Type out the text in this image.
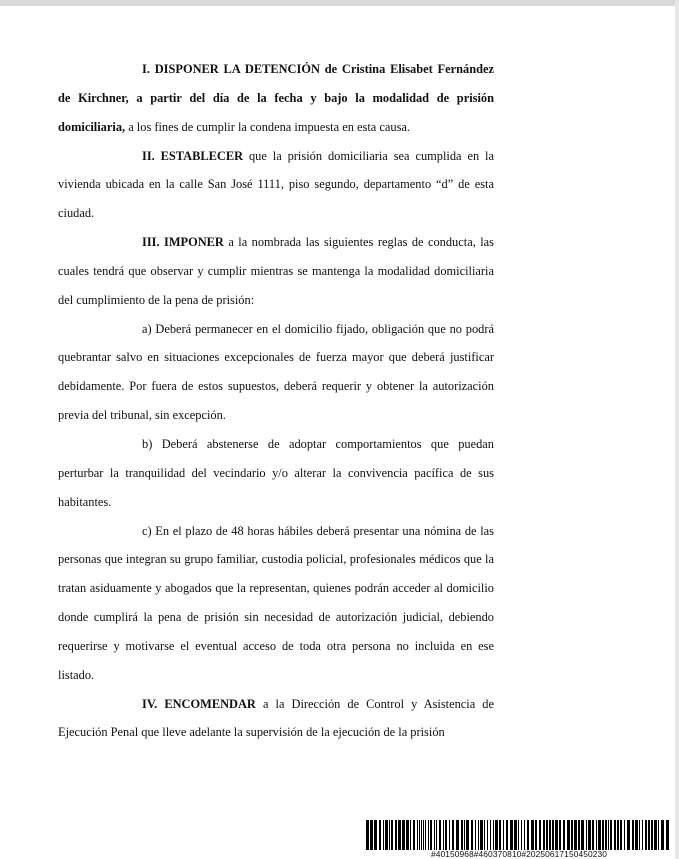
I. DISPONER LA DETENCIÓN de Cristina Elisabet Fernández de Kirchner, a partir del día de la fecha y bajo la modalidad de prisión domiciliaria, a los fines de cumplir la condena impuesta en esta causa.

II. ESTABLECER que la prisión domiciliaria sea cumplida en la vivienda ubicada en la calle San José 1111, piso segundo, departamento “d” de esta ciudad.

III. IMPONER a la nombrada las siguientes reglas de conducta, las cuales tendrá que observar y cumplir mientras se mantenga la modalidad domiciliaria del cumplimiento de la pena de prisión:

a) Deberá permanecer en el domicilio fijado, obligación que no podrá quebrantar salvo en situaciones excepcionales de fuerza mayor que deberá justificar debidamente. Por fuera de estos supuestos, deberá requerir y obtener la autorización previa del tribunal, sin excepción.

b) Deberá abstenerse de adoptar comportamientos que puedan perturbar la tranquilidad del vecindario y/o alterar la convivencia pacífica de sus habitantes.

c) En el plazo de 48 horas hábiles deberá presentar una nómina de las personas que integran su grupo familiar, custodia policial, profesionales médicos que la tratan asiduamente y abogados que la representan, quienes podrán acceder al domicilio donde cumplirá la pena de prisión sin necesidad de autorización judicial, debiendo requerirse y motivarse el eventual acceso de toda otra persona no incluida en ese listado.

IV. ENCOMENDAR a la Dirección de Control y Asistencia de Ejecución Penal que lleve adelante la supervisión de la ejecución de la prisión

#40150968#460370810#20250617150450230
